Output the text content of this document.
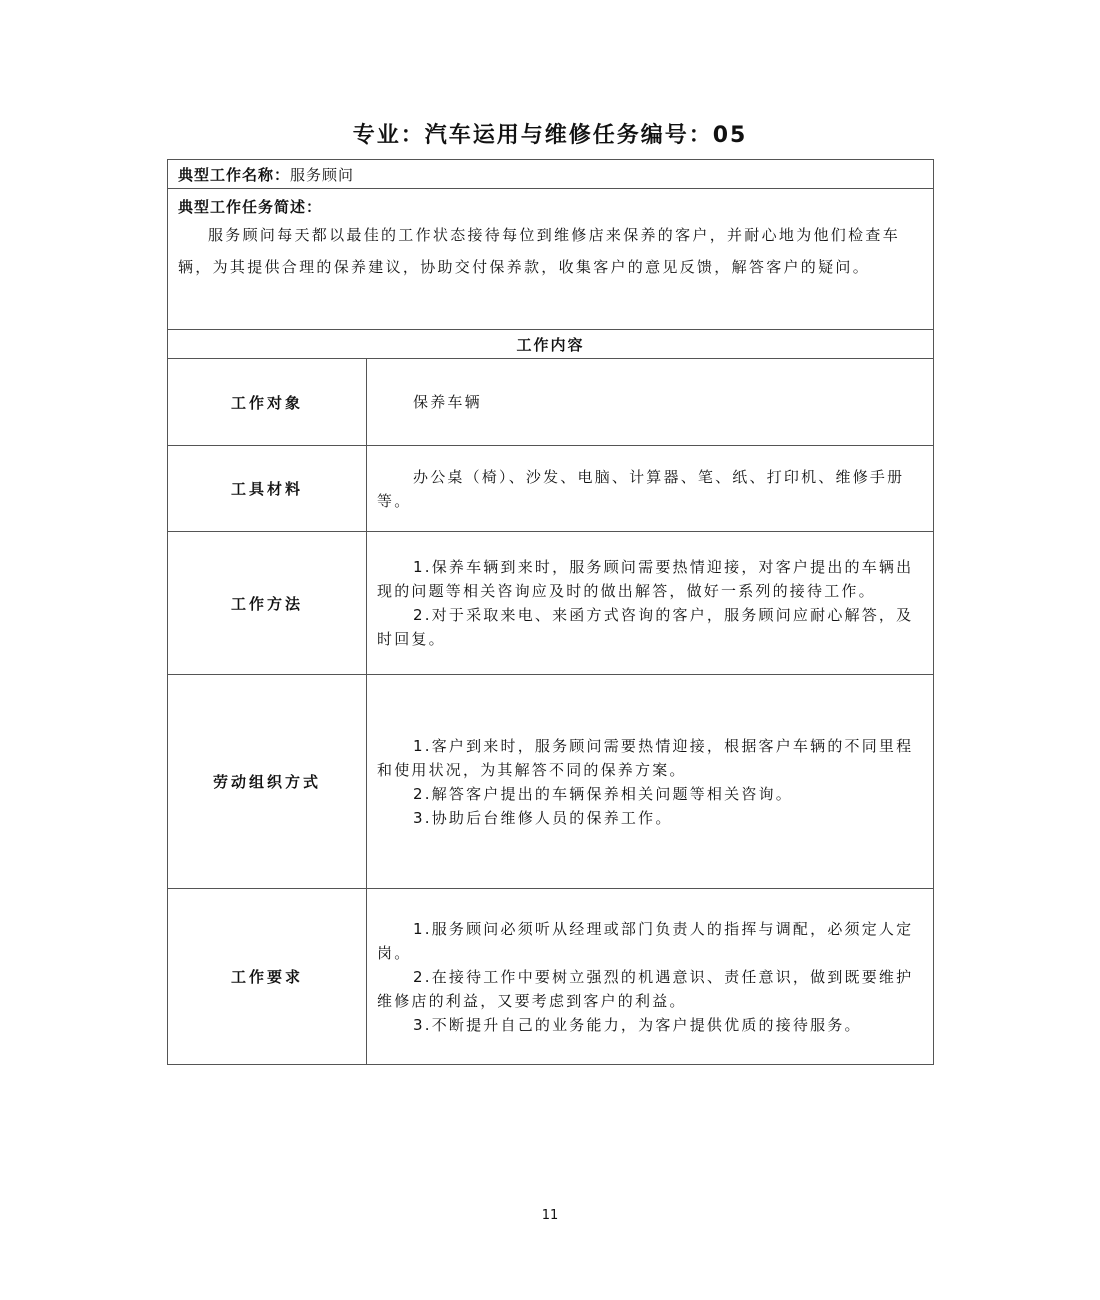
专业：汽车运用与维修任务编号：05
典型工作名称：服务顾问	

典型工作任务简述：

服务顾问每天都以最佳的工作状态接待每位到维修店来保养的客户，并耐心地为他们检查车辆，为其提供合理的保养建议，协助交付保养款，收集客户的意见反馈，解答客户的疑问。	

工作内容	
工作对象	保养车辆

工具材料	办公桌（椅）、沙发、电脑、计算器、笔、纸、打印机、维修手册等。

工作方法	1.保养车辆到来时，服务顾问需要热情迎接，对客户提出的车辆出现的问题等相关咨询应及时的做出解答，做好一系列的接待工作。

2.对于采取来电、来函方式咨询的客户，服务顾问应耐心解答，及时回复。

劳动组织方式	1.客户到来时，服务顾问需要热情迎接，根据客户车辆的不同里程和使用状况，为其解答不同的保养方案。

2.解答客户提出的车辆保养相关问题等相关咨询。

3.协助后台维修人员的保养工作。

工作要求	1.服务顾问必须听从经理或部门负责人的指挥与调配，必须定人定岗。

2.在接待工作中要树立强烈的机遇意识、责任意识，做到既要维护维修店的利益，又要考虑到客户的利益。

3.不断提升自己的业务能力，为客户提供优质的接待服务。

11
